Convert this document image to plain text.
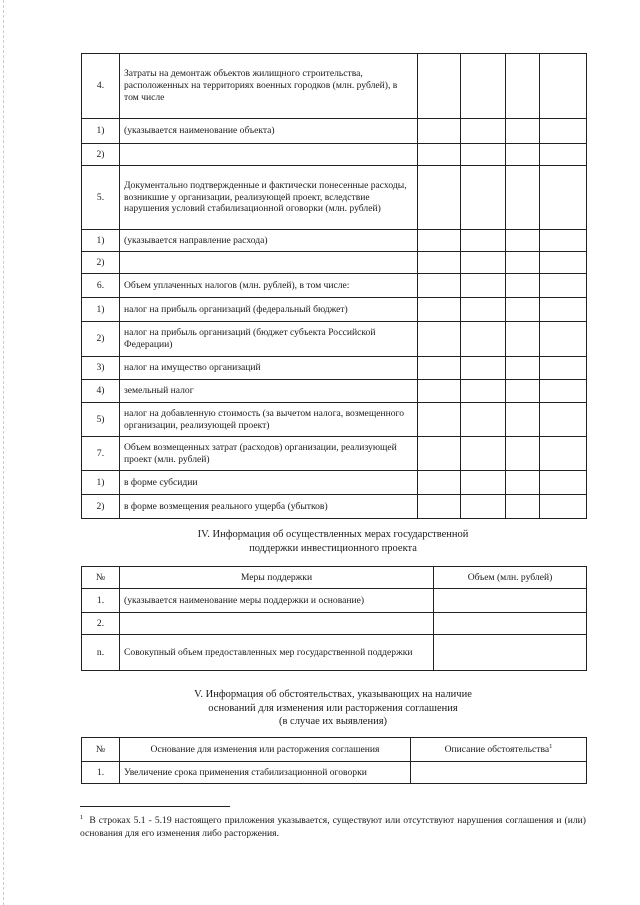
4.	Затраты на демонтаж объектов жилищного строительства, расположенных на территориях военных городков (млн. рублей), в том числе				
1)	(указывается наименование объекта)				
2)					
5.	Документально подтвержденные и фактически понесенные расходы, возникшие у организации, реализующей проект, вследствие нарушения условий стабилизационной оговорки (млн. рублей)				
1)	(указывается направление расхода)				
2)					
6.	Объем уплаченных налогов (млн. рублей), в том числе:				
1)	налог на прибыль организаций (федеральный бюджет)				
2)	налог на прибыль организаций (бюджет субъекта Российской Федерации)				
3)	налог на имущество организаций				
4)	земельный налог				
5)	налог на добавленную стоимость (за вычетом налога, возмещенного организации, реализующей проект)				
7.	Объем возмещенных затрат (расходов) организации, реализующей проект (млн. рублей)				
1)	в форме субсидии				
2)	в форме возмещения реального ущерба (убытков)				
IV. Информация об осуществленных мерах государственной
поддержки инвестиционного проекта
№	Меры поддержки	Объем (млн. рублей)
1.	(указывается наименование меры поддержки и основание)	
2.		
n.	Совокупный объем предоставленных мер государственной поддержки	
V. Информация об обстоятельствах, указывающих на наличие
оснований для изменения или расторжения соглашения
(в случае их выявления)
№	Основание для изменения или расторжения соглашения	Описание обстоятельства$^1$
1.	Увеличение срока применения стабилизационной оговорки	
$^1$ В строках 5.1 - 5.19 настоящего приложения указывается, существуют или отсутствуют нарушения соглашения и (или) основания для его изменения либо расторжения.
